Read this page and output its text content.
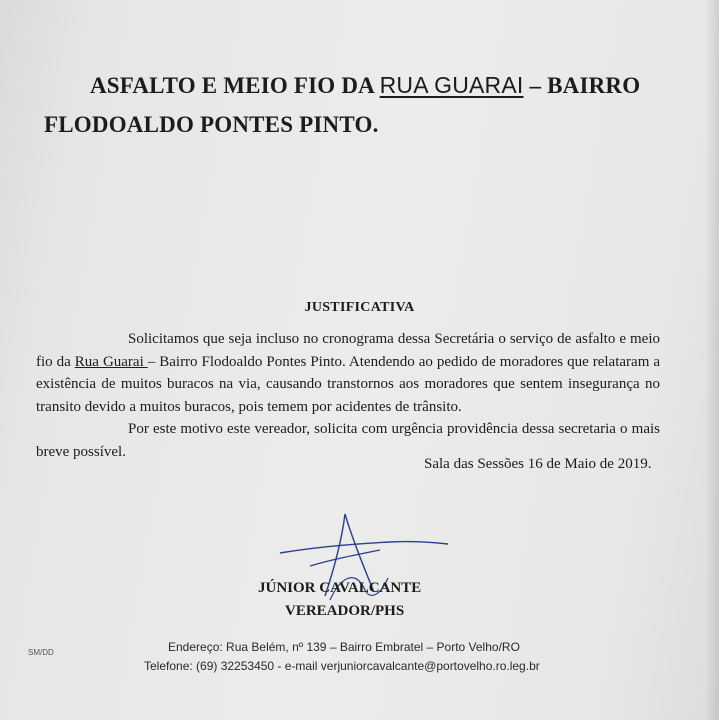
ASFALTO E MEIO FIO DA RUA GUARAI – BAIRRO
FLODOALDO PONTES PINTO.
JUSTIFICATIVA

Solicitamos que seja incluso no cronograma dessa Secretária o serviço de asfalto e meio fio da Rua Guarai – Bairro Flodoaldo Pontes Pinto. Atendendo ao pedido de moradores que relataram a existência de muitos buracos na via, causando transtornos aos moradores que sentem insegurança no transito devido a muitos buracos, pois temem por acidentes de trânsito.

Por este motivo este vereador, solicita com urgência providência dessa secretaria o mais breve possível.

Sala das Sessões 16 de Maio de 2019.
JÚNIOR CAVALCANTE
VEREADOR/PHS
SM/DD	Endereço: Rua Belém, nº 139 – Bairro Embratel – Porto Velho/RO
Telefone: (69) 32253450 - e-mail verjuniorcavalcante@portovelho.ro.leg.br
